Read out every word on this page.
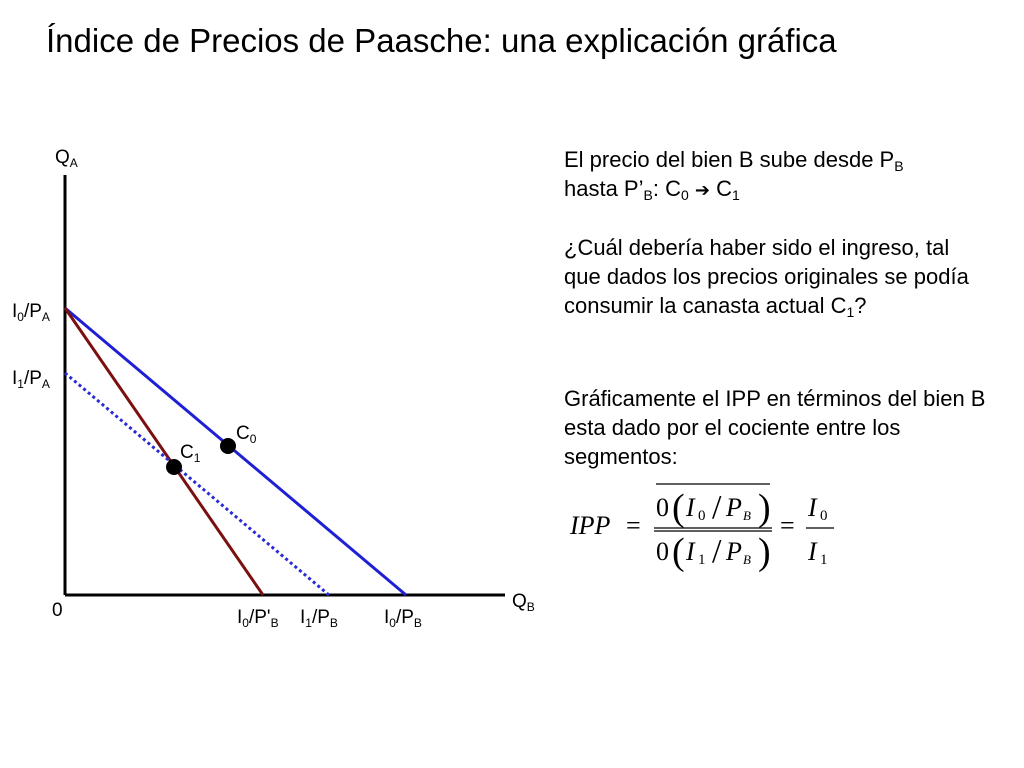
Índice de Precios de Paasche: una explicación gráfica
$Q_A$
$Q_B$
0
$I_0/P_A$
$I_1/P_A$
$I_0/P'_B$ $I_1/P_B$ $I_0/P_B$
$C_0$
$C_1$
El precio del bien B sube desde $P_B$
hasta $P’_B$: $C_0$ ➔ $C_1$
¿Cuál debería haber sido el ingreso, tal que dados los precios originales se podía consumir la canasta actual $C_1$?
Gráficamente el IPP en términos del bien B esta dado por el cociente entre los segmentos:
IPP =
0 ( I 0 / P B )
0 ( I 1 / P B )
=
I 0
I 1
